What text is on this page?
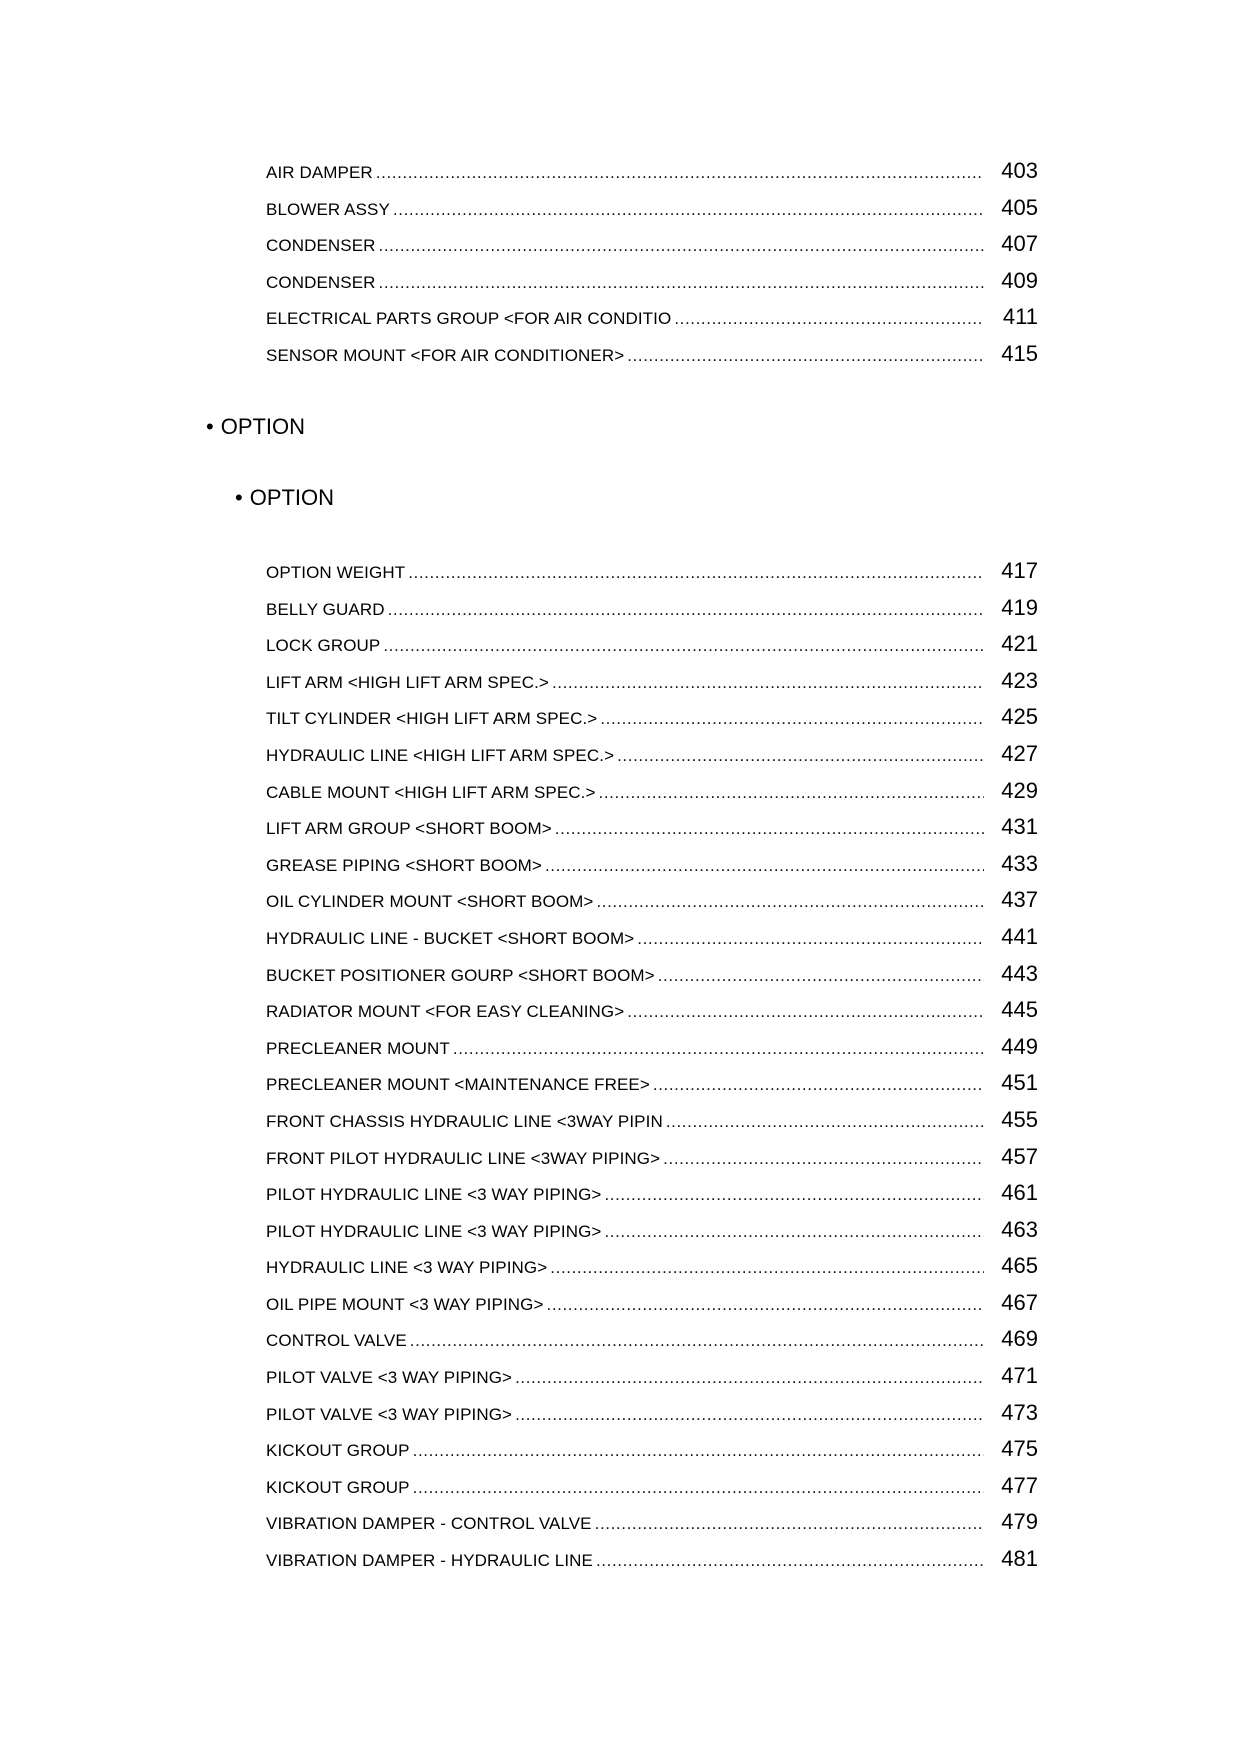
AIR DAMPER .....	403
BLOWER ASSY .....	405
CONDENSER .....	407
CONDENSER .....	409
ELECTRICAL PARTS GROUP <FOR AIR CONDITIO .....	411
SENSOR MOUNT <FOR AIR CONDITIONER> .....	415
• OPTION
• OPTION
OPTION WEIGHT .....	417
BELLY GUARD .....	419
LOCK GROUP .....	421
LIFT ARM <HIGH LIFT ARM SPEC.> .....	423
TILT CYLINDER <HIGH LIFT ARM SPEC.> .....	425
HYDRAULIC LINE <HIGH LIFT ARM SPEC.> .....	427
CABLE MOUNT <HIGH LIFT ARM SPEC.> .....	429
LIFT ARM GROUP <SHORT BOOM> .....	431
GREASE PIPING <SHORT BOOM> .....	433
OIL CYLINDER MOUNT <SHORT BOOM> .....	437
HYDRAULIC LINE - BUCKET <SHORT BOOM> .....	441
BUCKET POSITIONER GOURP <SHORT BOOM> .....	443
RADIATOR MOUNT <FOR EASY CLEANING> .....	445
PRECLEANER MOUNT .....	449
PRECLEANER MOUNT <MAINTENANCE FREE> .....	451
FRONT CHASSIS HYDRAULIC LINE <3WAY PIPIN .....	455
FRONT PILOT HYDRAULIC LINE <3WAY PIPING> .....	457
PILOT HYDRAULIC LINE <3 WAY PIPING> .....	461
PILOT HYDRAULIC LINE <3 WAY PIPING> .....	463
HYDRAULIC LINE <3 WAY PIPING> .....	465
OIL PIPE MOUNT <3 WAY PIPING> .....	467
CONTROL VALVE .....	469
PILOT VALVE <3 WAY PIPING> .....	471
PILOT VALVE <3 WAY PIPING> .....	473
KICKOUT GROUP .....	475
KICKOUT GROUP .....	477
VIBRATION DAMPER - CONTROL VALVE .....	479
VIBRATION DAMPER - HYDRAULIC LINE .....	481
